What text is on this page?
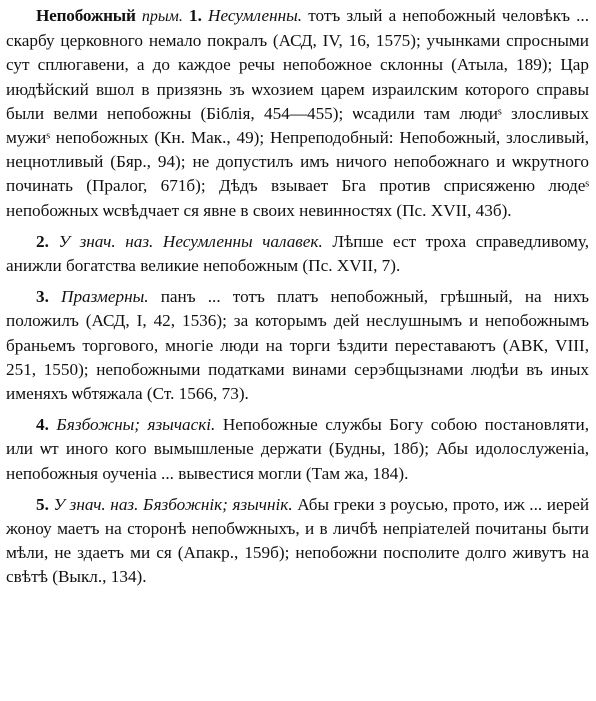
Непобожный прым. 1. Несумленны. тотъ злый а непобожный человѣкъ ... скарбу церковного немало покралъ (АСД, IV, 16, 1575); учынками спросными сут сплюгавени, а до каждое речы непобожное склонны (Атыла, 189); Цар июдѣйский вшол в призязнь зъ ѡхозием царем израилским которого справы были велми непобожны (Біблія, 454—455); ѡсадили там людиˢ злосливых мужиˢ непобожных (Кн. Мак., 49); Непреподобный: Непобожный, злосливый, нецнотливый (Бяр., 94); не допустилъ имъ ничого непобожнаго и ѡкрутного починать (Пралог, 671б); Дѣдъ взывает Бга против сприсяженю людеˢ непобожных ѡсвѣдчает ся явне в своих невинностях (Пс. XVII, 43б).

2. У знач. наз. Несумленны чалавек. Лѣпше ест троха справедливому, анижли богатства великие непобожным (Пс. XVII, 7).

3. Празмерны. панъ ... тотъ платъ непобожный, грѣшный, на нихъ положилъ (АСД, I, 42, 1536); за которымъ дей неслушнымъ и непобожнымъ браньемъ торгового, многіе люди на торги ѣздити переставаютъ (АВК, VIII, 251, 1550); непобожными податками винами серэбщызнами людѣи въ иных именяхъ ѡбтяжала (Ст. 1566, 73).

4. Бязбожны; язычаскі. Непобожные службы Богу собою постановляти, или ѡт иного кого вымышленые держати (Будны, 18б); Абы идолослуженіа, непобожныя оученіа ... вывестися могли (Там жа, 184).

5. У знач. наз. Бязбожнік; язычнік. Абы греки з роусью, прото, иж ... иерей жоноу маетъ на сторонѣ непобѡжныхъ, и в личбѣ непріателей почитаны быти мѣли, не здаетъ ми ся (Апакр., 159б); непобожни посполите долго живутъ на свѣтѣ (Выкл., 134).
